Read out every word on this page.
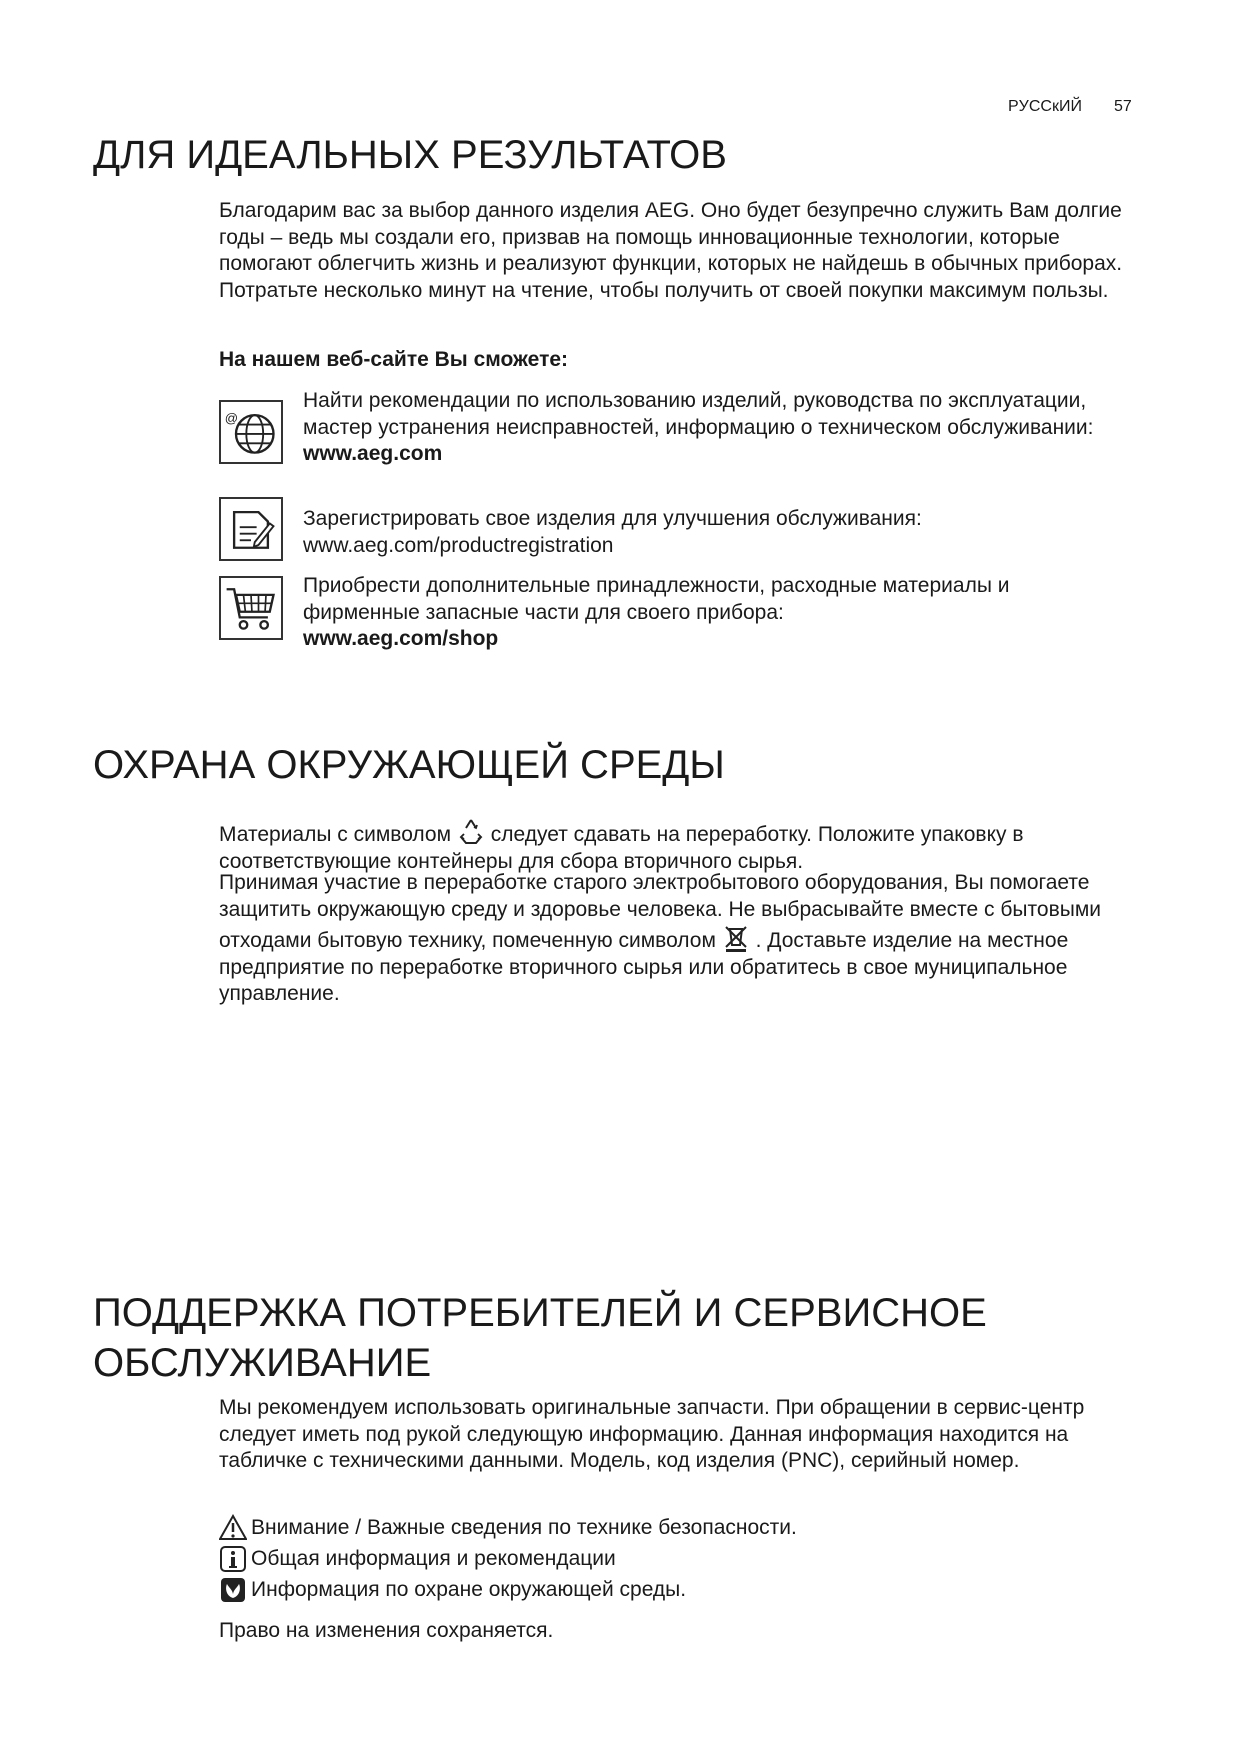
PУCCкИЙ 57
ДЛЯ ИДЕАЛЬНЫХ РЕЗУЛЬТАТОВ

Благодарим вас за выбор данного изделия AEG. Оно будет безупречно служить Вам долгие годы – ведь мы создали его, призвав на помощь инновационные технологии, которые помогают облегчить жизнь и реализуют функции, которых не найдешь в обычных приборах. Потратьте несколько минут на чтение, чтобы получить от своей покупки максимум пользы.

На нашем веб-сайте Вы сможете:

@
Найти рекомендации по использованию изделий, руководства по эксплуатации, мастер устранения неисправностей, информацию о техническом обслуживании:
www.aeg.com
Зарегистрировать свое изделия для улучшения обслуживания:
www.aeg.com/productregistration
Приобрести дополнительные принадлежности, расходные материалы и фирменные запасные части для своего прибора:
www.aeg.com/shop
ОХРАНА ОКРУЖАЮЩЕЙ СРЕДЫ

Материалы с символом следует сдавать на переработку. Положите упаковку в соответствующие контейнеры для сбора вторичного сырья.

Принимая участие в переработке старого электробытового оборудования, Вы помогаете защитить окружающую среду и здоровье человека. Не выбрасывайте вместе с бытовыми отходами бытовую технику, помеченную символом . Доставьте изделие на местное предприятие по переработке вторичного сырья или обратитесь в свое муниципальное управление.

ПОДДЕРЖКА ПОТРЕБИТЕЛЕЙ И СЕРВИСНОЕ
ОБСЛУЖИВАНИЕ

Мы рекомендуем использовать оригинальные запчасти. При обращении в сервис-центр следует иметь под рукой следующую информацию. Данная информация находится на табличке с техническими данными. Модель, код изделия (PNC), серийный номер.

Внимание / Важные сведения по технике безопасности.
Общая информация и рекомендации
Информация по охране окружающей среды.

Право на изменения сохраняется.
